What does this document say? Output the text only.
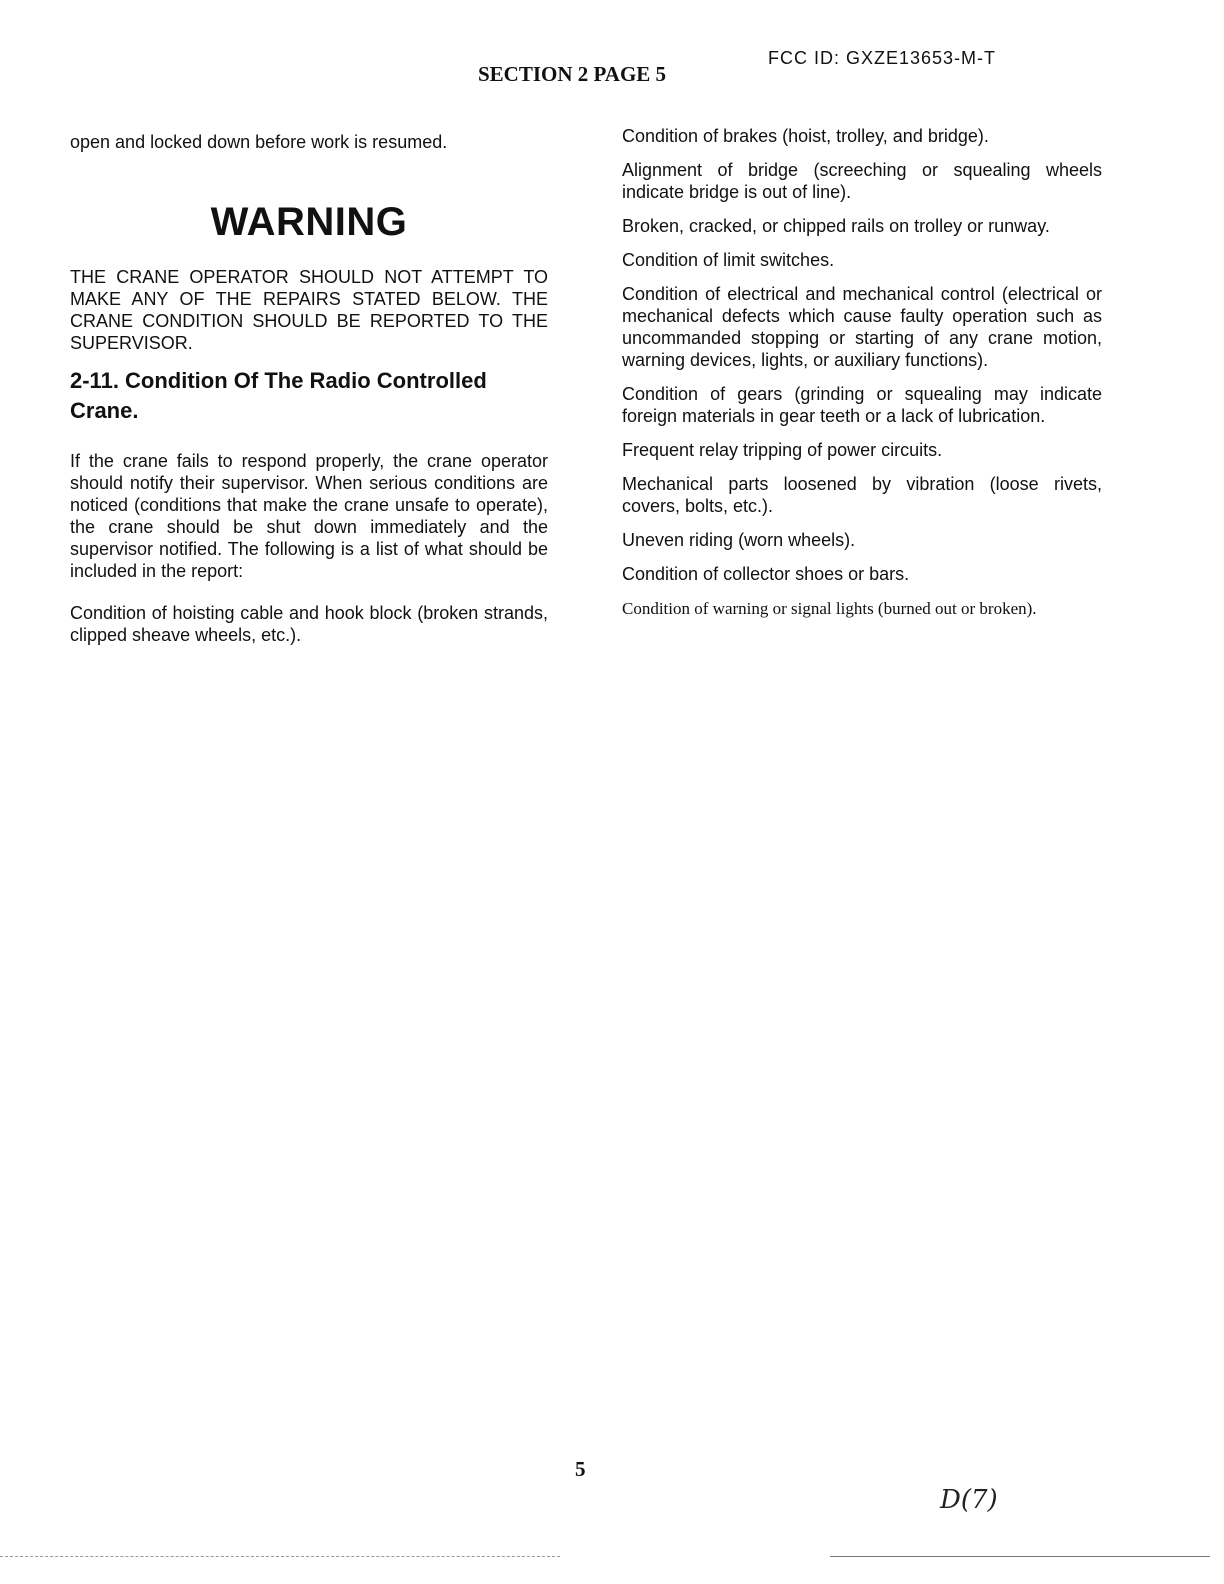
SECTION 2 PAGE 5
FCC ID: GXZE13653-M-T

open and locked down before work is resumed.

WARNING

THE CRANE OPERATOR SHOULD NOT ATTEMPT TO MAKE ANY OF THE REPAIRS STATED BELOW. THE CRANE CONDITION SHOULD BE REPORTED TO THE SUPERVISOR.

2-11. Condition Of The Radio Controlled Crane.

If the crane fails to respond properly, the crane operator should notify their supervisor. When serious conditions are noticed (conditions that make the crane unsafe to operate), the crane should be shut down immediately and the supervisor notified. The following is a list of what should be included in the report:

Condition of hoisting cable and hook block (broken strands, clipped sheave wheels, etc.).

Condition of brakes (hoist, trolley, and bridge).

Alignment of bridge (screeching or squealing wheels indicate bridge is out of line).

Broken, cracked, or chipped rails on trolley or runway.

Condition of limit switches.

Condition of electrical and mechanical control (electrical or mechanical defects which cause faulty operation such as uncommanded stopping or starting of any crane motion, warning devices, lights, or auxiliary functions).

Condition of gears (grinding or squealing may indicate foreign materials in gear teeth or a lack of lubrication.

Frequent relay tripping of power circuits.

Mechanical parts loosened by vibration (loose rivets, covers, bolts, etc.).

Uneven riding (worn wheels).

Condition of collector shoes or bars.

Condition of warning or signal lights (burned out or broken).

5
D(7)
